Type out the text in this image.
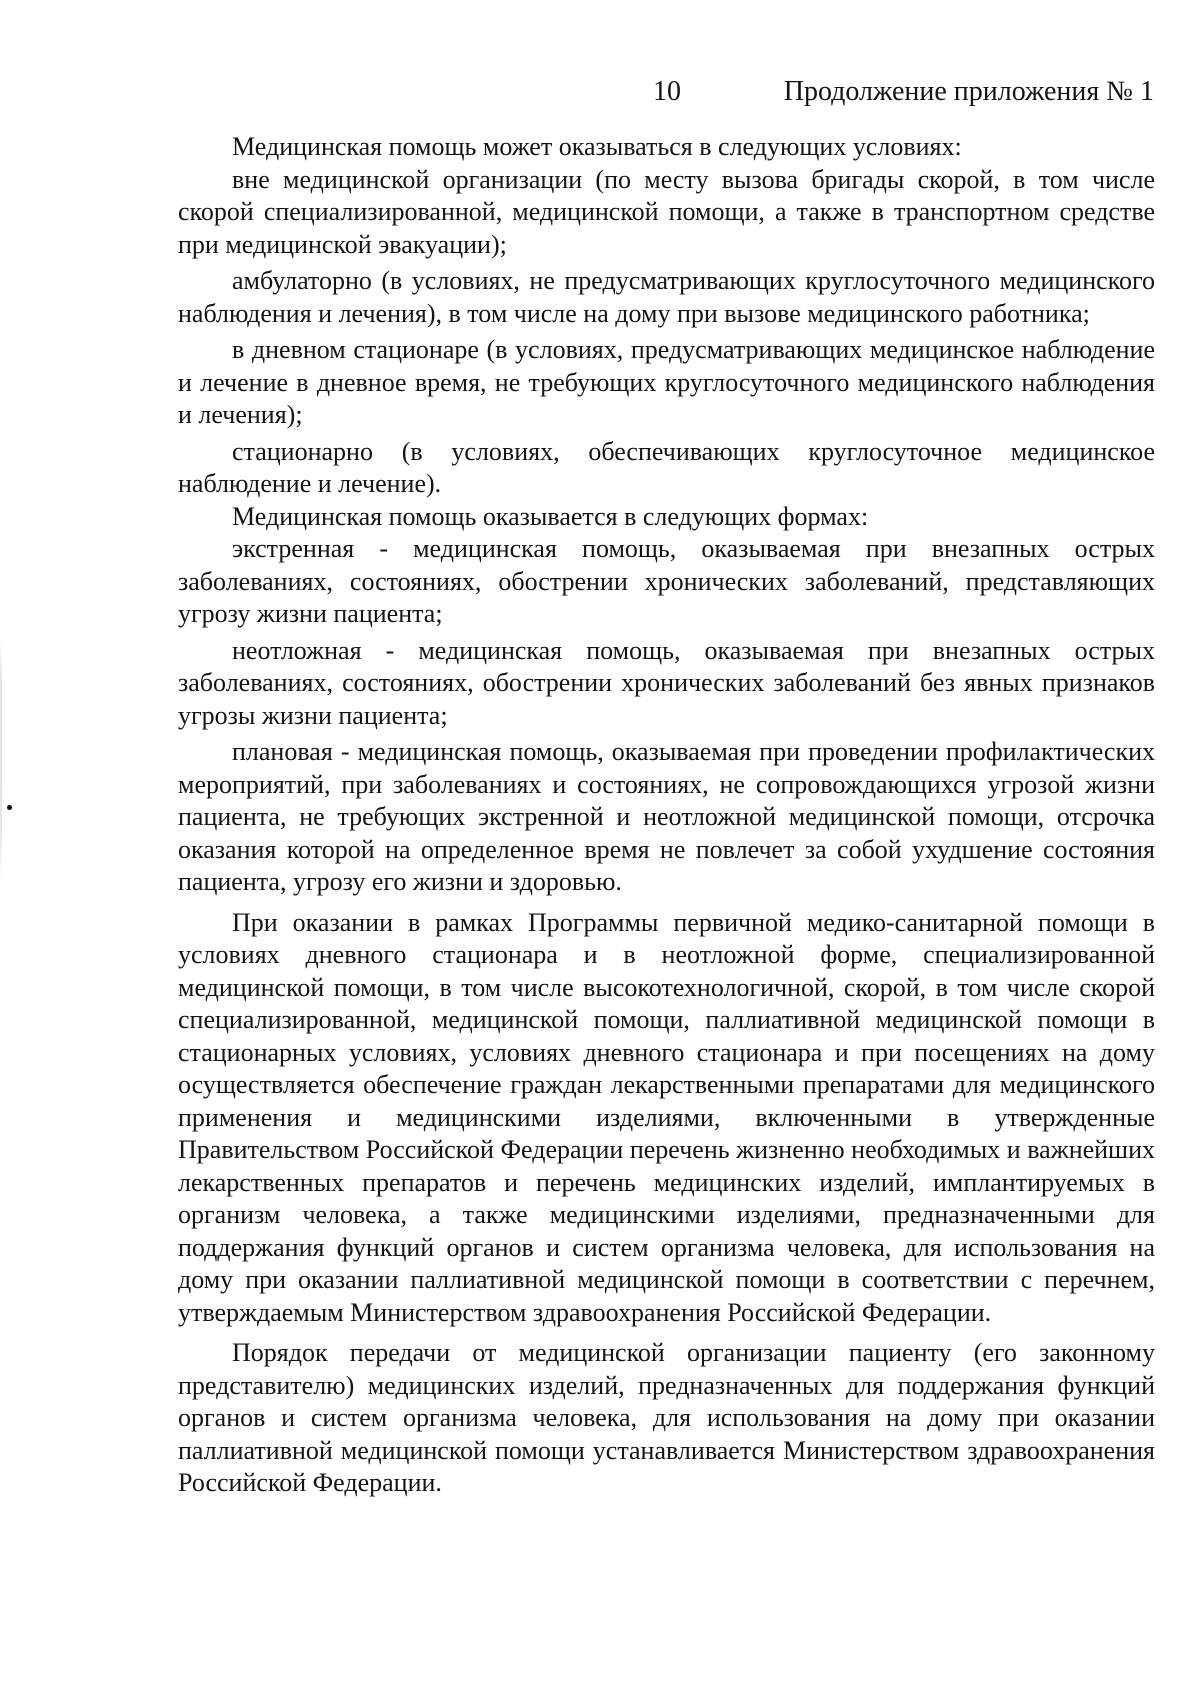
10	Продолжение приложения № 1

Медицинская помощь может оказываться в следующих условиях:

вне медицинской организации (по месту вызова бригады скорой, в том числе скорой специализированной, медицинской помощи, а также в транспортном средстве при медицинской эвакуации);

амбулаторно (в условиях, не предусматривающих круглосуточного медицинского наблюдения и лечения), в том числе на дому при вызове медицинского работника;

в дневном стационаре (в условиях, предусматривающих медицинское наблюдение и лечение в дневное время, не требующих круглосуточного медицинского наблюдения и лечения);

стационарно (в условиях, обеспечивающих круглосуточное медицинское наблюдение и лечение).

Медицинская помощь оказывается в следующих формах:

экстренная - медицинская помощь, оказываемая при внезапных острых заболеваниях, состояниях, обострении хронических заболеваний, представляющих угрозу жизни пациента;

неотложная - медицинская помощь, оказываемая при внезапных острых заболеваниях, состояниях, обострении хронических заболеваний без явных признаков угрозы жизни пациента;

плановая - медицинская помощь, оказываемая при проведении профилактических мероприятий, при заболеваниях и состояниях, не сопровождающихся угрозой жизни пациента, не требующих экстренной и неотложной медицинской помощи, отсрочка оказания которой на определенное время не повлечет за собой ухудшение состояния пациента, угрозу его жизни и здоровью.

При оказании в рамках Программы первичной медико-санитарной помощи в условиях дневного стационара и в неотложной форме, специализированной медицинской помощи, в том числе высокотехнологичной, скорой, в том числе скорой специализированной, медицинской помощи, паллиативной медицинской помощи в стационарных условиях, условиях дневного стационара и при посещениях на дому осуществляется обеспечение граждан лекарственными препаратами для медицинского применения и медицинскими изделиями, включенными в утвержденные Правительством Российской Федерации перечень жизненно необходимых и важнейших лекарственных препаратов и перечень медицинских изделий, имплантируемых в организм человека, а также медицинскими изделиями, предназначенными для поддержания функций органов и систем организма человека, для использования на дому при оказании паллиативной медицинской помощи в соответствии с перечнем, утверждаемым Министерством здравоохранения Российской Федерации.

Порядок передачи от медицинской организации пациенту (его законному представителю) медицинских изделий, предназначенных для поддержания функций органов и систем организма человека, для использования на дому при оказании паллиативной медицинской помощи устанавливается Министерством здравоохранения Российской Федерации.
